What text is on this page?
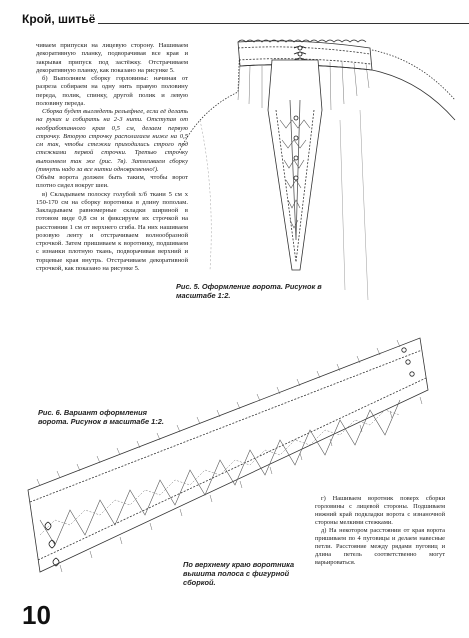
Крой, шитьё

чиваем припуски на лицевую сторону. Нашиваем декоративную планку, подворачивая все края и закрывая припуск под застёжку. Отстрачиваем декоративную планку, как показано на рисунке 5.

б) Выполняем сборку горловины: начиная от разреза собираем на одну нить правую половину переда, полик, спинку, другой полик и левую половину переда.

Сборка будет выглядеть рельефнее, если её делать на руках и собирать на 2-3 нити. Отступая от необработанного края 0,5 см, делаем первую строчку. Вторую строчку располагаем ниже на 0,5 см так, чтобы стежки приходились строго под стежками первой строчки. Третью строчку выполняем так же (рис. 7в). Затягиваем сборку (тянуть надо за все нитки одновременно!).

Объём ворота должен быть таким, чтобы ворот плотно сидел вокруг шеи.

в) Складываем полоску голубой х/б ткани 5 см х 150-170 см на сборку воротника в длину пополам. Закладываем равномерные складки шириной в готовом виде 0,8 см и фиксируем их строчкой на расстоянии 1 см от верхнего сгиба. На них нашиваем розовую ленту и отстрачиваем волнообразной строчкой. Затем пришиваем к воротнику, подшиваем с изнанки плотную ткань, подворачивая верхний и торцевые края внутрь. Отстрачиваем декоративной строчкой, как показано на рисунке 5.

Рис. 5. Оформление ворота. Рисунок в масштабе 1:2.
Рис. 6. Вариант оформления ворота. Рисунок в масштабе 1:2.
По верхнему краю воротника вышита полоса с фигурной сборкой.

г) Нашиваем воротник поверх сборки горловины с лицевой стороны. Подшиваем нижний край подкладки ворота с изнаночной стороны мелкими стежками.

д) На некотором расстоянии от края ворота пришиваем по 4 пуговицы и делаем навесные петли. Расстояние между рядами пуговиц и длина петель соответственно могут варьироваться.

10
